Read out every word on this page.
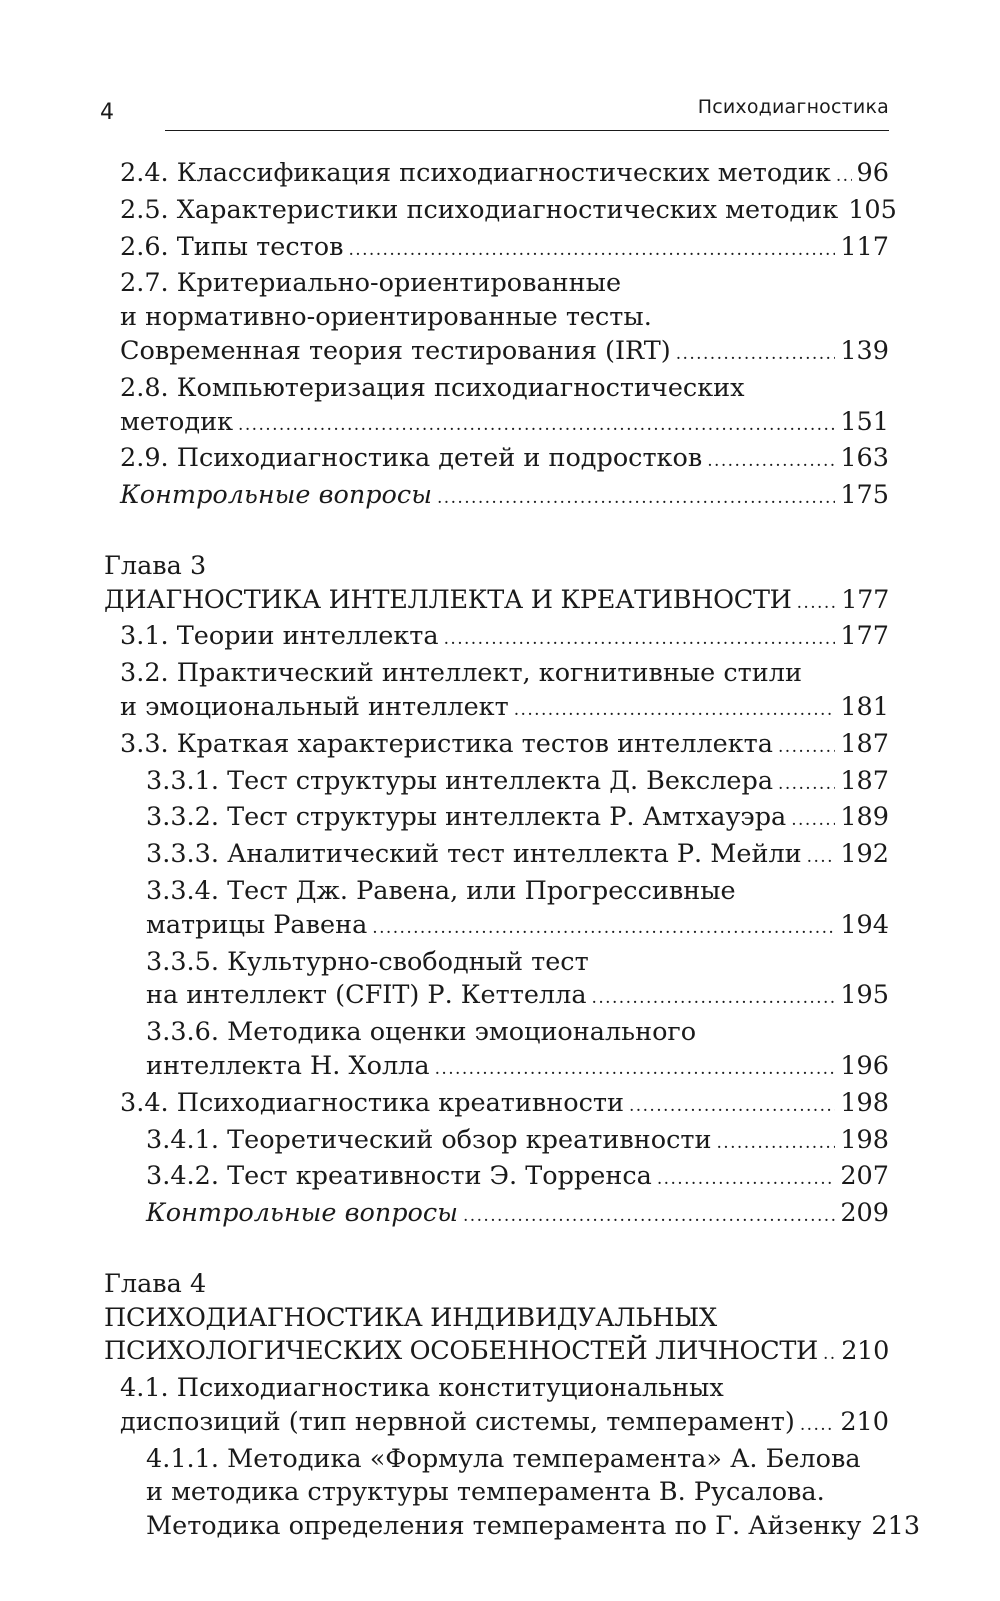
4	Психодиагностика
2.4. Классификация психодиагностических методик . . . 96
2.5. Характеристики психодиагностических методик 105
2.6. Типы тестов . . .	117
2.7. Критериально-ориентированные
и нормативно-ориентированные тесты.
Современная теория тестирования (IRT) . . .	139
2.8. Компьютеризация психодиагностических
методик . . .	151
2.9. Психодиагностика детей и подростков . . .	163
Контрольные вопросы . . .	175
Глава 3
ДИАГНОСТИКА ИНТЕЛЛЕКТА И КРЕАТИВНОСТИ . . . 177
3.1. Теории интеллекта . . .	177
3.2. Практический интеллект, когнитивные стили
и эмоциональный интеллект . . .	181
3.3. Краткая характеристика тестов интеллекта . . .	187
3.3.1. Тест структуры интеллекта Д. Векслера . . .	187
3.3.2. Тест структуры интеллекта Р. Амтхауэра . . . 189
3.3.3. Аналитический тест интеллекта Р. Мейли . . . 192
3.3.4. Тест Дж. Равена, или Прогрессивные
матрицы Равена . . .	194
3.3.5. Культурно-свободный тест
на интеллект (CFIT) Р. Кеттелла . . .	195
3.3.6. Методика оценки эмоционального
интеллекта Н. Холла . . .	196
3.4. Психодиагностика креативности . . .	198
3.4.1. Теоретический обзор креативности . . .	198
3.4.2. Тест креативности Э. Торренса . . .	207
Контрольные вопросы . . .	209
Глава 4
ПСИХОДИАГНОСТИКА ИНДИВИДУАЛЬНЫХ
ПСИХОЛОГИЧЕСКИХ ОСОБЕННОСТЕЙ ЛИЧНОСТИ . . . 210
4.1. Психодиагностика конституциональных
диспозиций (тип нервной системы, темперамент) . . . 210
4.1.1. Методика «Формула темперамента» А. Белова
и методика структуры темперамента В. Русалова.
Методика определения темперамента по Г. Айзенку 213
